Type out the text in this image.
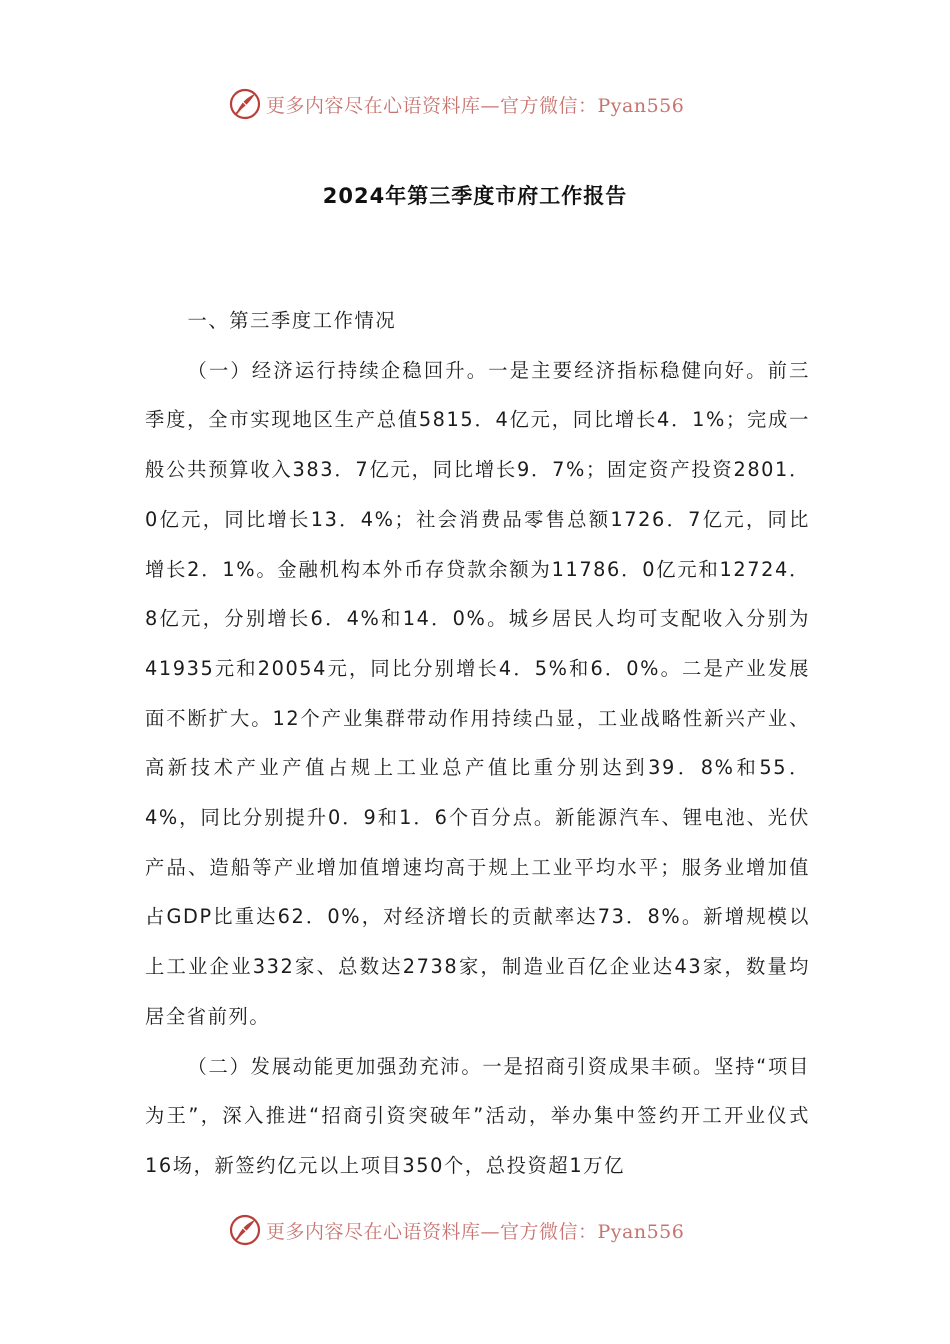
更多内容尽在心语资料库—官方微信：Pyan556
2024年第三季度市府工作报告

一、第三季度工作情况

（一）经济运行持续企稳回升。一是主要经济指标稳健向好。前三季度，全市实现地区生产总值5815．4亿元，同比增长4．1%；完成一般公共预算收入383．7亿元，同比增长9．7%；固定资产投资2801．0亿元，同比增长13．4%；社会消费品零售总额1726．7亿元，同比增长2．1%。金融机构本外币存贷款余额为11786．0亿元和12724．8亿元，分别增长6．4%和14．0%。城乡居民人均可支配收入分别为41935元和20054元，同比分别增长4．5%和6．0%。二是产业发展面不断扩大。12个产业集群带动作用持续凸显，工业战略性新兴产业、高新技术产业产值占规上工业总产值比重分别达到39．8%和55．4%，同比分别提升0．9和1．6个百分点。新能源汽车、锂电池、光伏产品、造船等产业增加值增速均高于规上工业平均水平；服务业增加值占GDP比重达62．0%，对经济增长的贡献率达73．8%。新增规模以上工业企业332家、总数达2738家，制造业百亿企业达43家，数量均居全省前列。

（二）发展动能更加强劲充沛。一是招商引资成果丰硕。坚持“项目为王”，深入推进“招商引资突破年”活动，举办集中签约开工开业仪式16场，新签约亿元以上项目350个，总投资超1万亿

更多内容尽在心语资料库—官方微信：Pyan556
